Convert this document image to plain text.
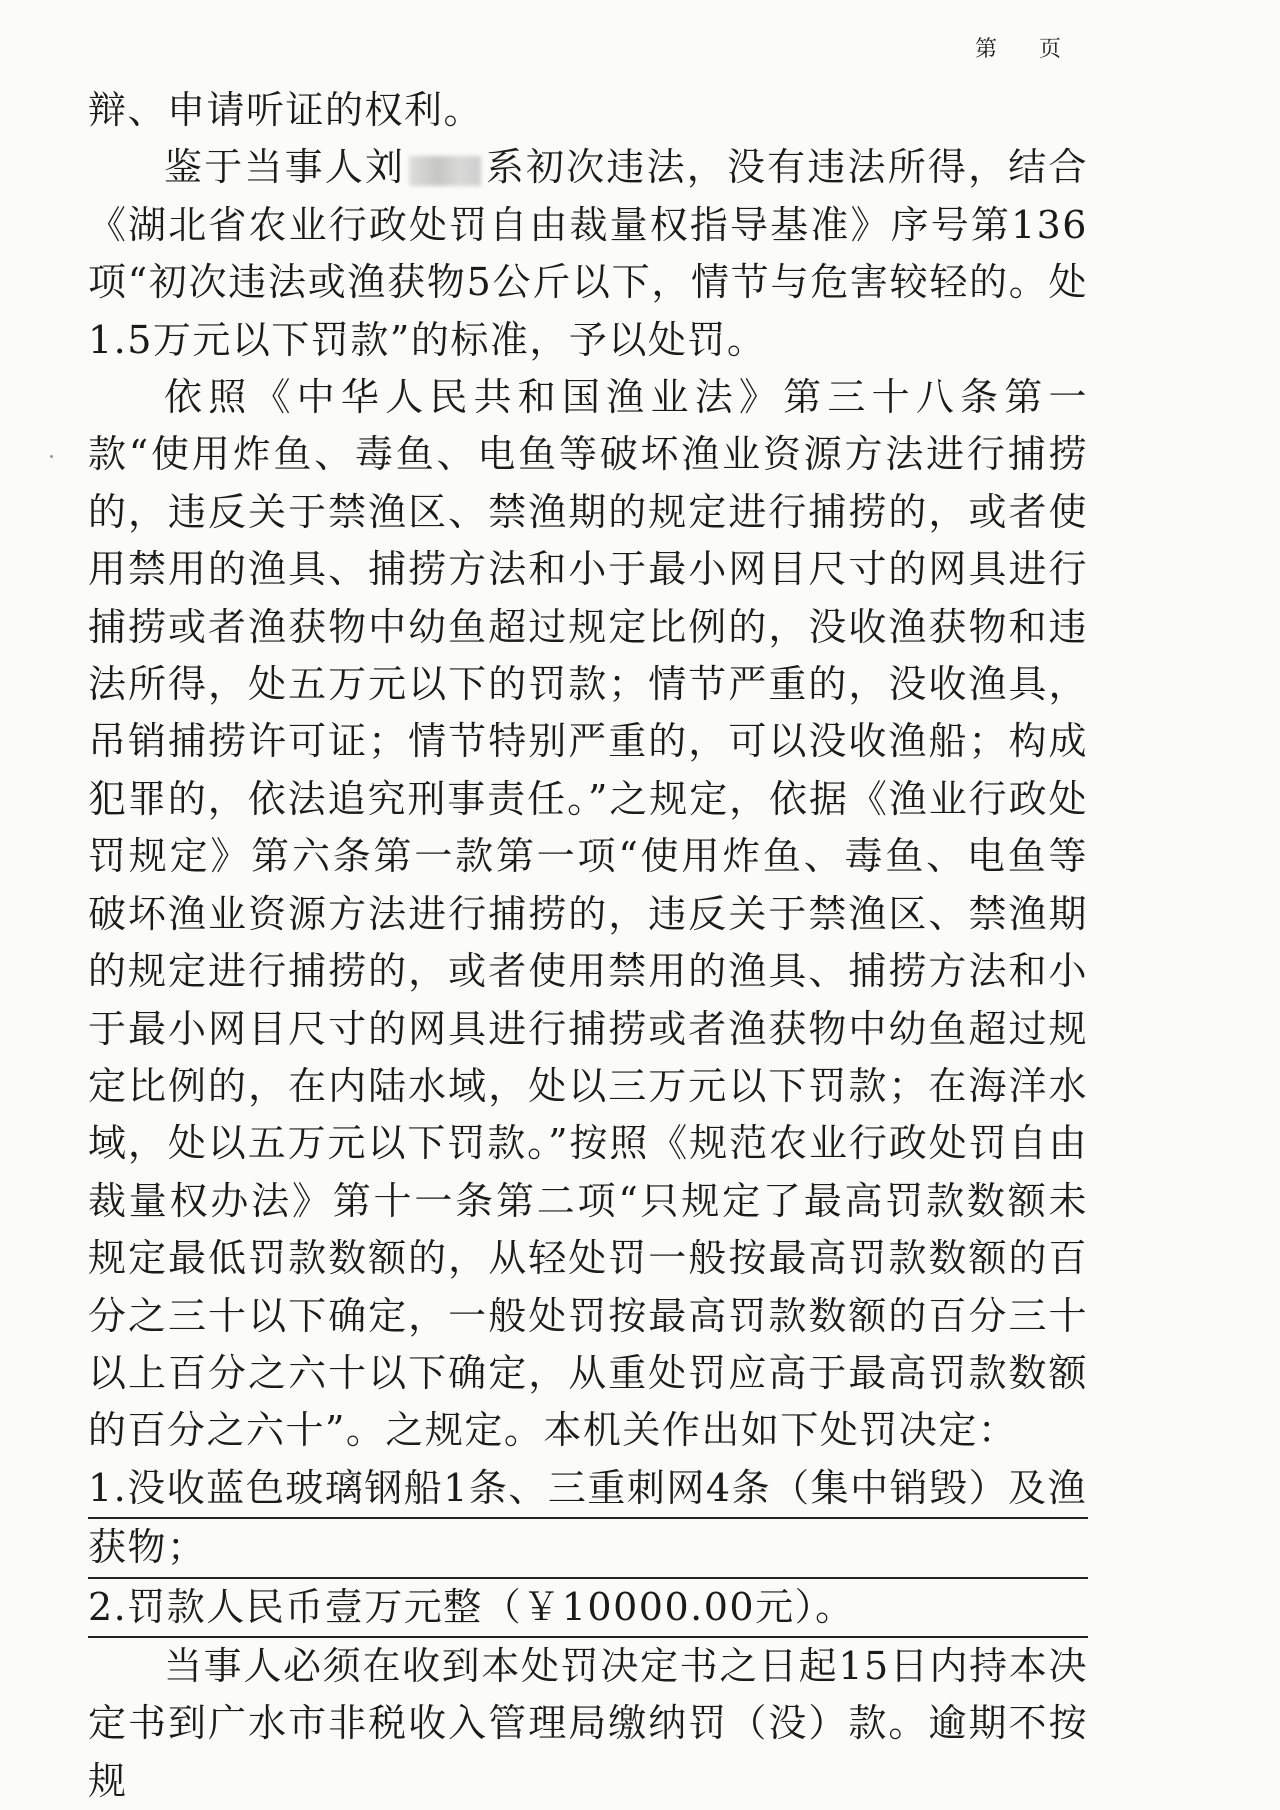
第 页

辩、申请听证的权利。

鉴于当事人刘 系初次违法，没有违法所得，结合《湖北省农业行政处罚自由裁量权指导基准》序号第136项“初次违法或渔获物5公斤以下，情节与危害较轻的。处1.5万元以下罚款”的标准，予以处罚。

依照《中华人民共和国渔业法》第三十八条第一款“使用炸鱼、毒鱼、电鱼等破坏渔业资源方法进行捕捞的，违反关于禁渔区、禁渔期的规定进行捕捞的，或者使用禁用的渔具、捕捞方法和小于最小网目尺寸的网具进行捕捞或者渔获物中幼鱼超过规定比例的，没收渔获物和违法所得，处五万元以下的罚款；情节严重的，没收渔具，吊销捕捞许可证；情节特别严重的，可以没收渔船；构成犯罪的，依法追究刑事责任。”之规定，依据《渔业行政处罚规定》第六条第一款第一项“使用炸鱼、毒鱼、电鱼等破坏渔业资源方法进行捕捞的，违反关于禁渔区、禁渔期的规定进行捕捞的，或者使用禁用的渔具、捕捞方法和小于最小网目尺寸的网具进行捕捞或者渔获物中幼鱼超过规定比例的，在内陆水域，处以三万元以下罚款；在海洋水域，处以五万元以下罚款。”按照《规范农业行政处罚自由裁量权办法》第十一条第二项“只规定了最高罚款数额未规定最低罚款数额的，从轻处罚一般按最高罚款数额的百分之三十以下确定，一般处罚按最高罚款数额的百分三十以上百分之六十以下确定，从重处罚应高于最高罚款数额的百分之六十”。之规定。本机关作出如下处罚决定：

1.没收蓝色玻璃钢船1条、三重刺网4条（集中销毁）及渔
获物；

2.罚款人民币壹万元整（￥10000.00元）。

当事人必须在收到本处罚决定书之日起15日内持本决定书到广水市非税收入管理局缴纳罚（没）款。逾期不按规
